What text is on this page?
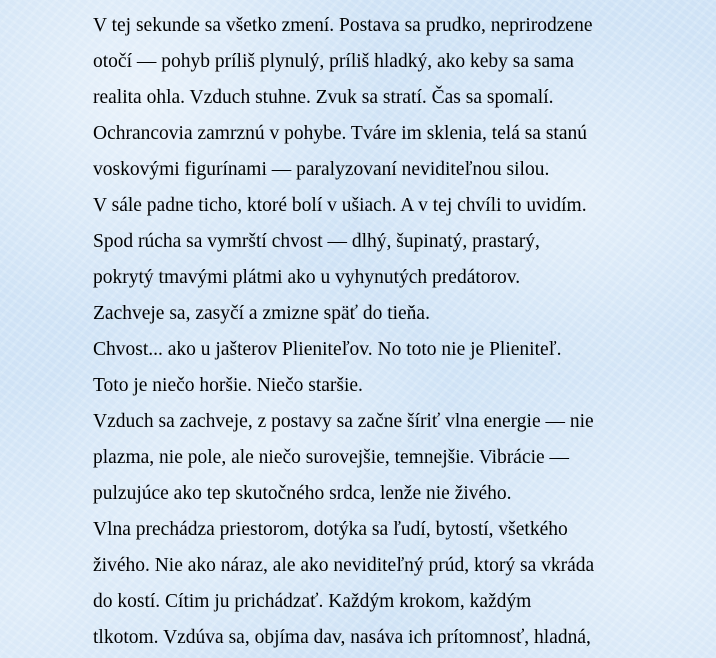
V tej sekunde sa všetko zmení. Postava sa prudko, neprirodzene
otočí — pohyb príliš plynulý, príliš hladký, ako keby sa sama
realita ohla. Vzduch stuhne. Zvuk sa stratí. Čas sa spomalí.
Ochrancovia zamrznú v pohybe. Tváre im sklenia, telá sa stanú
voskovými figurínami — paralyzovaní neviditeľnou silou.
V sále padne ticho, ktoré bolí v ušiach. A v tej chvíli to uvidím.
Spod rúcha sa vymrští chvost — dlhý, šupinatý, prastarý,
pokrytý tmavými plátmi ako u vyhynutých predátorov.
Zachveje sa, zasyčí a zmizne späť do tieňa.
Chvost... ako u jašterov Plieniteľov. No toto nie je Plieniteľ.
Toto je niečo horšie. Niečo staršie.
Vzduch sa zachveje, z postavy sa začne šíriť vlna energie — nie
plazma, nie pole, ale niečo surovejšie, temnejšie. Vibrácie —
pulzujúce ako tep skutočného srdca, lenže nie živého.
Vlna prechádza priestorom, dotýka sa ľudí, bytostí, všetkého
živého. Nie ako náraz, ale ako neviditeľný prúd, ktorý sa vkráda
do kostí. Cítim ju prichádzať. Každým krokom, každým
tlkotom. Vzdúva sa, objíma dav, nasáva ich prítomnosť, hladná,
